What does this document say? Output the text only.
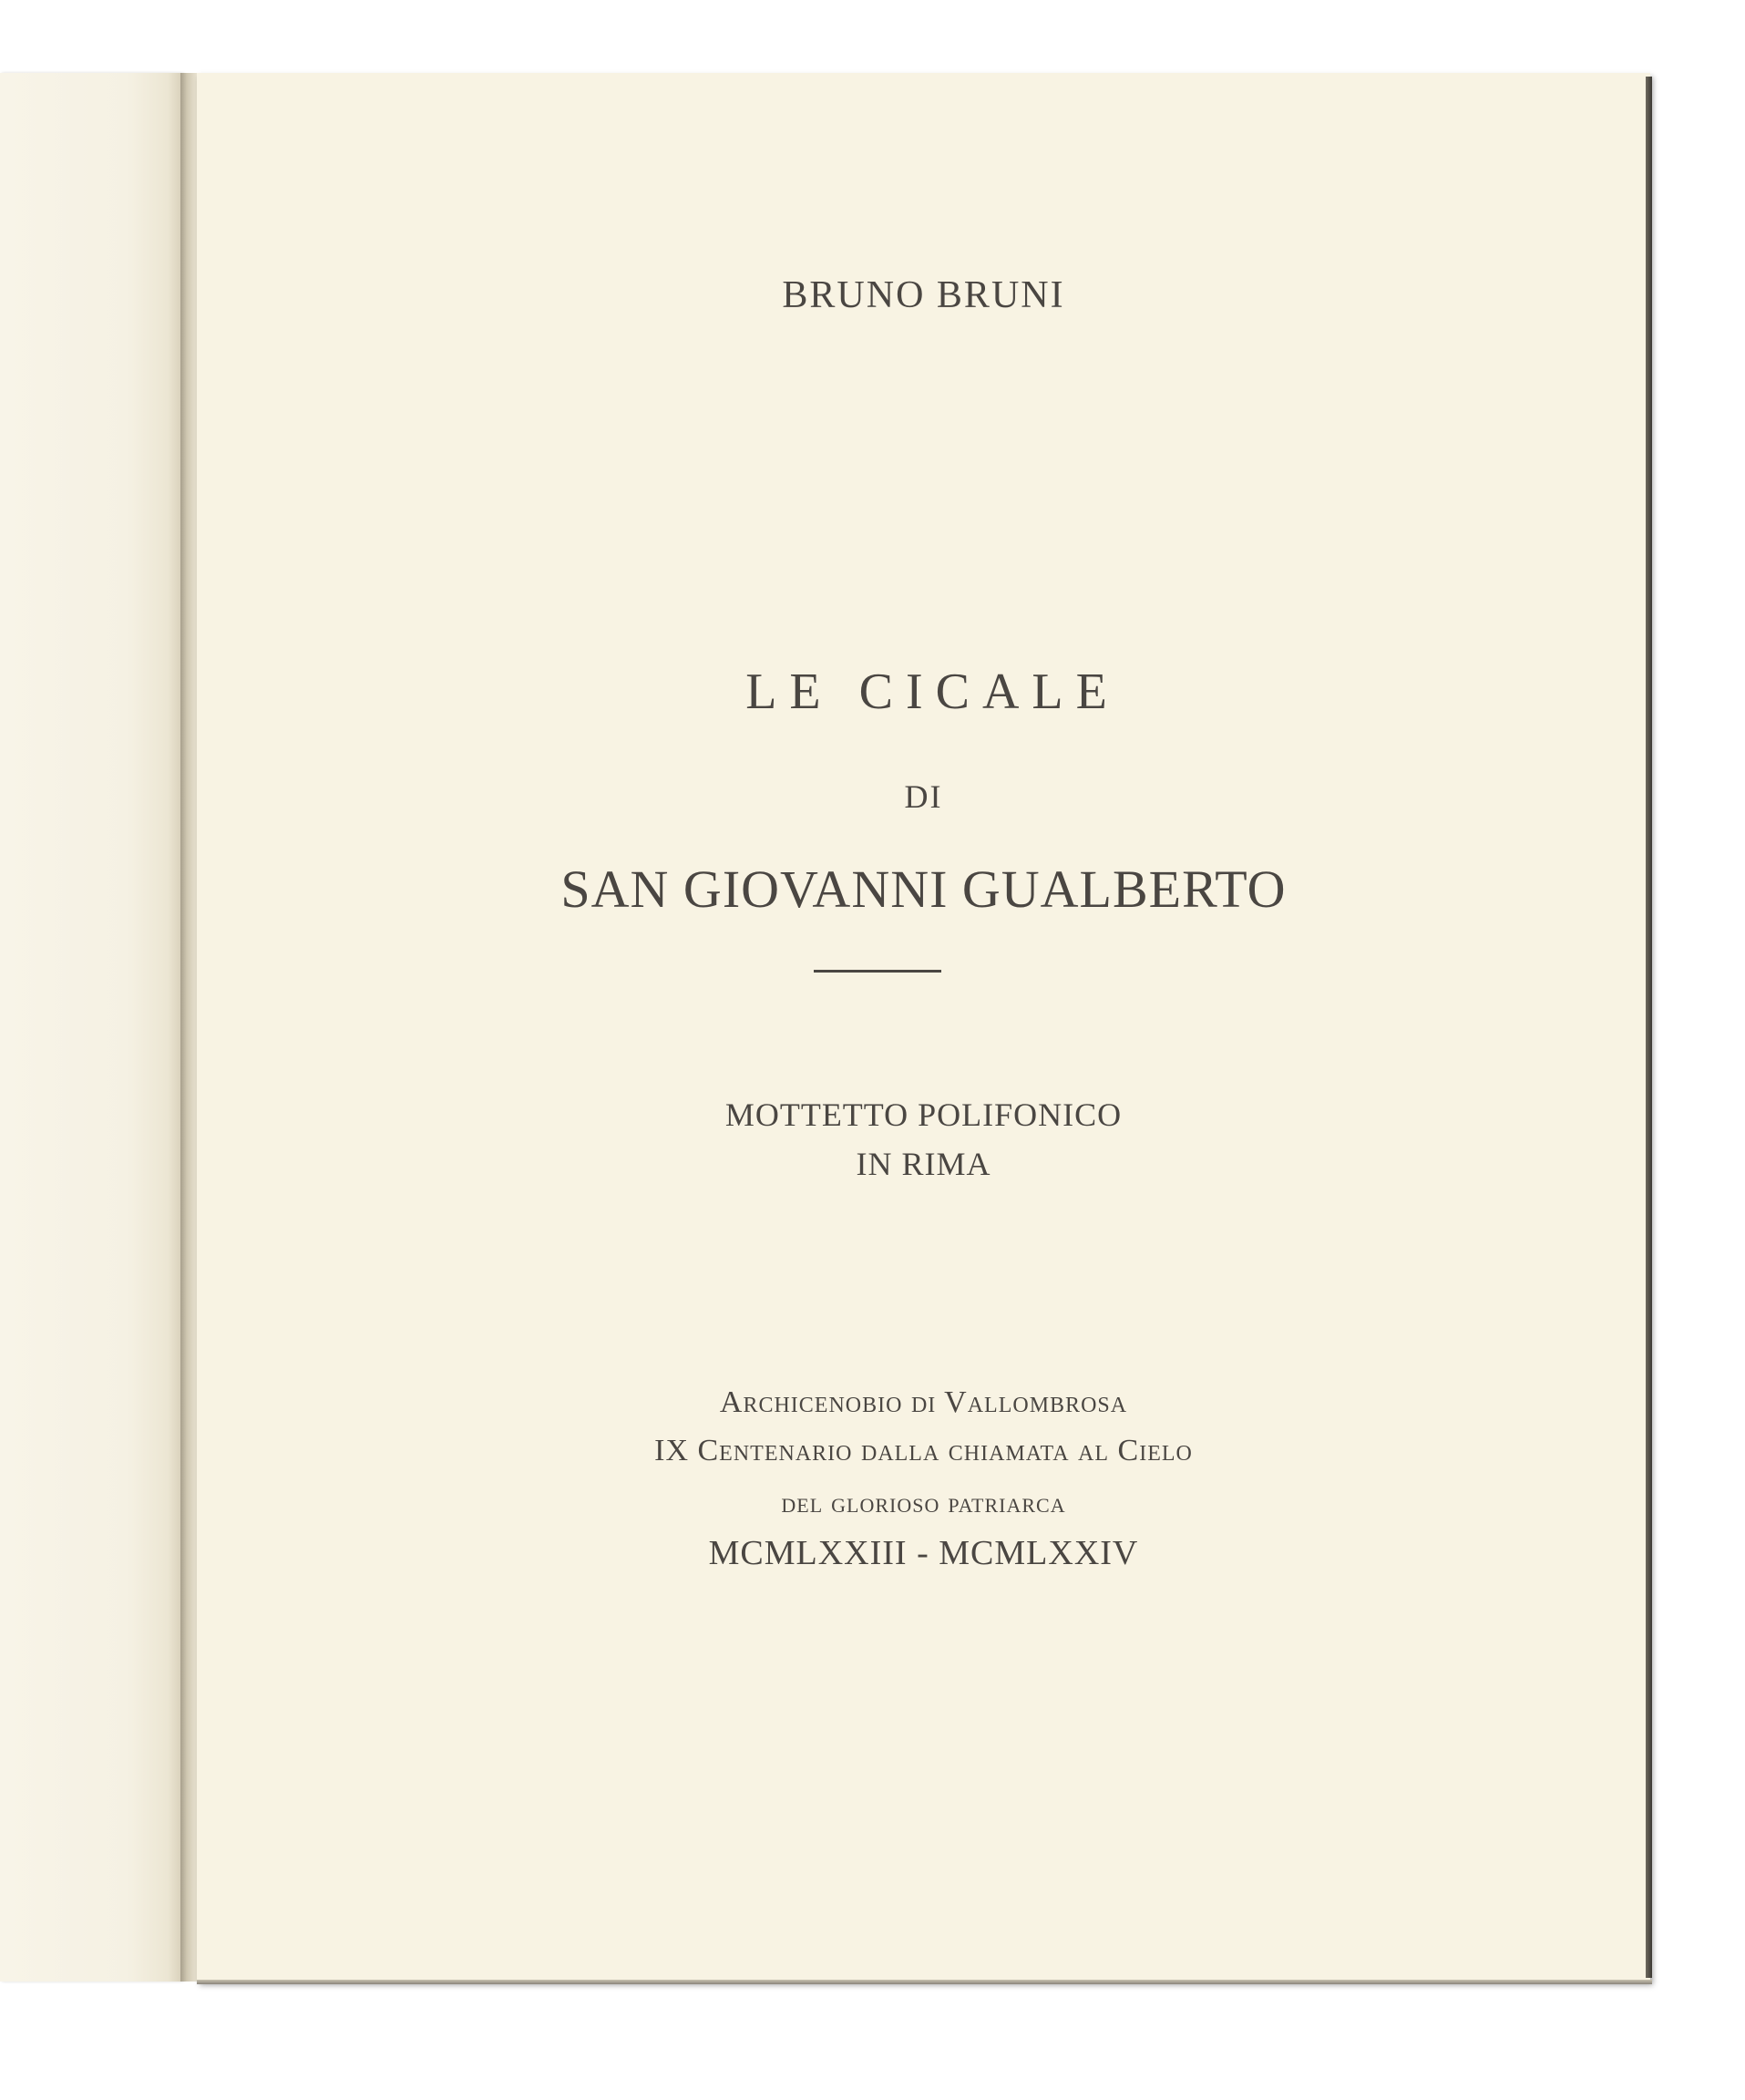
BRUNO BRUNI

LE CICALE

DI

SAN GIOVANNI GUALBERTO

MOTTETTO POLIFONICO

IN RIMA

Archicenobio di Vallombrosa

IX Centenario dalla chiamata al Cielo

del glorioso patriarca

MCMLXXIII - MCMLXXIV
